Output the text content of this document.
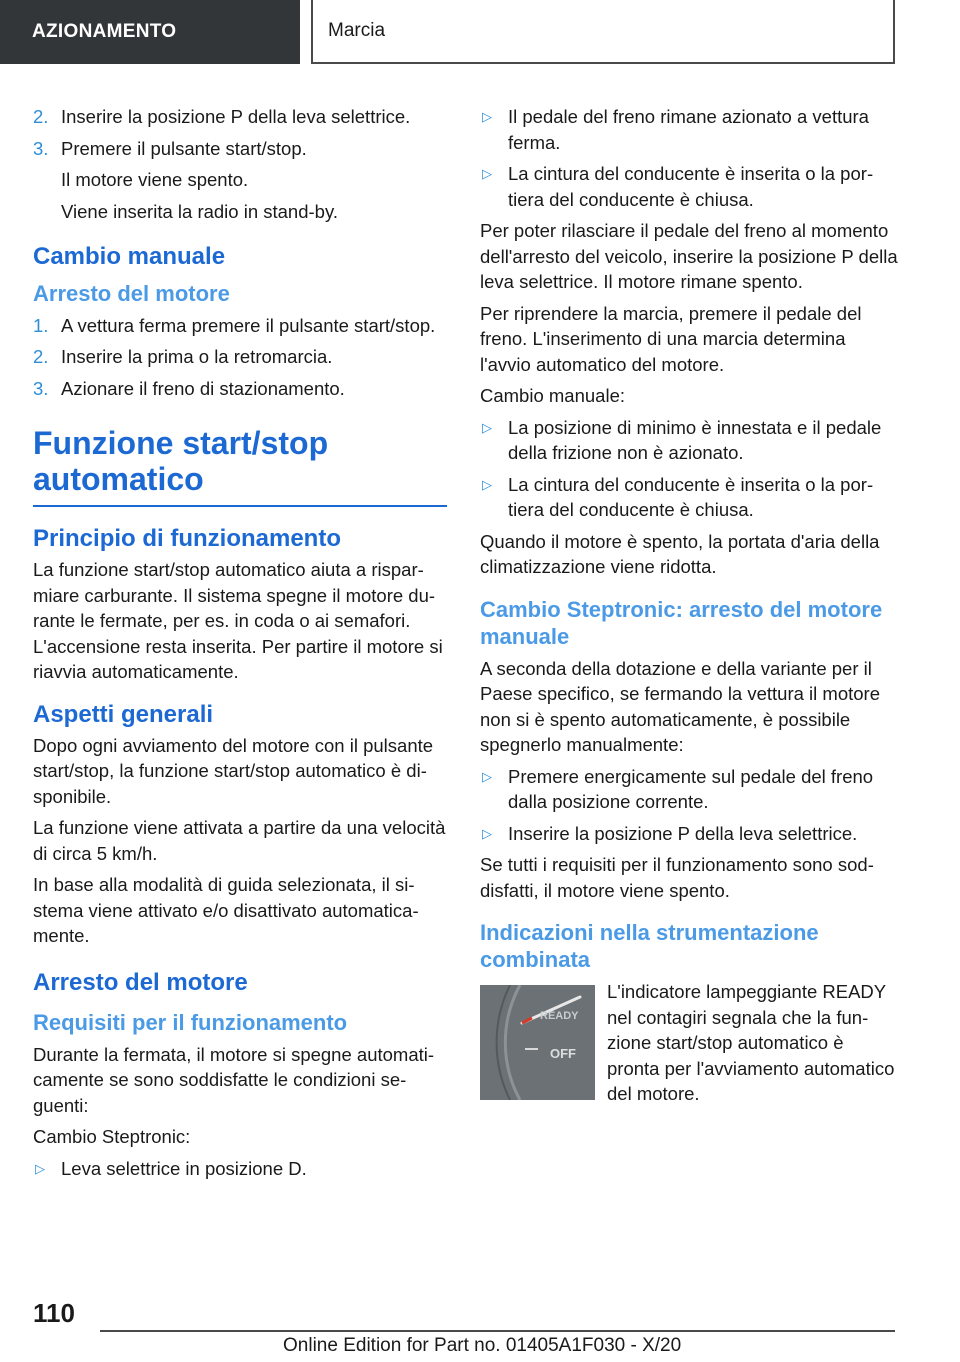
AZIONAMENTO	Marcia
2. Inserire la posizione P della leva selettrice.
3. Premere il pulsante start/stop.
Il motore viene spento.
Viene inserita la radio in stand-by.
Cambio manuale
Arresto del motore
1. A vettura ferma premere il pulsante start/stop.
2. Inserire la prima o la retromarcia.
3. Azionare il freno di stazionamento.
Funzione start/stop
automatico
Principio di funzionamento

La funzione start/stop automatico aiuta a risparmiare carburante. Il sistema spegne il motore durante le fermate, per es. in coda o ai semafori. L'accensione resta inserita. Per partire il motore si riavvia automaticamente.

Aspetti generali

Dopo ogni avviamento del motore con il pulsante start/stop, la funzione start/stop automatico è disponibile.

La funzione viene attivata a partire da una velocità di circa 5 km/h.

In base alla modalità di guida selezionata, il sistema viene attivato e/o disattivato automaticamente.

Arresto del motore
Requisiti per il funzionamento

Durante la fermata, il motore si spegne automaticamente se sono soddisfatte le condizioni seguenti:

Cambio Steptronic:

▷ Leva selettrice in posizione D.
▷ Il pedale del freno rimane azionato a vettura ferma.
▷ La cintura del conducente è inserita o la portiera del conducente è chiusa.

Per poter rilasciare il pedale del freno al momento dell'arresto del veicolo, inserire la posizione P della leva selettrice. Il motore rimane spento.

Per riprendere la marcia, premere il pedale del freno. L'inserimento di una marcia determina l'avvio automatico del motore.

Cambio manuale:

▷ La posizione di minimo è innestata e il pedale della frizione non è azionato.
▷ La cintura del conducente è inserita o la portiera del conducente è chiusa.

Quando il motore è spento, la portata d'aria della climatizzazione viene ridotta.

Cambio Steptronic: arresto del motore manuale

A seconda della dotazione e della variante per il Paese specifico, se fermando la vettura il motore non si è spento automaticamente, è possibile spegnerlo manualmente:

▷ Premere energicamente sul pedale del freno dalla posizione corrente.
▷ Inserire la posizione P della leva selettrice.

Se tutti i requisiti per il funzionamento sono soddisfatti, il motore viene spento.

Indicazioni nella strumentazione combinata
READY
OFF
L'indicatore lampeggiante READY nel contagiri segnala che la funzione start/stop automatico è pronta per l'avviamento automatico del motore.
110
Online Edition for Part no. 01405A1F030 - X/20
